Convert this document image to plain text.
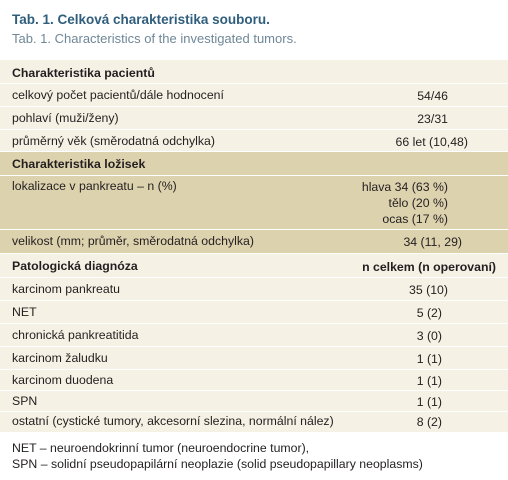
Tab. 1. Celková charakteristika souboru.
Tab. 1. Characteristics of the investigated tumors.
Charakteristika pacientů
celkový počet pacientů/dále hodnocení	54/46
pohlaví (muži/ženy)	23/31
průměrný věk (směrodatná odchylka)	66 let (10,48)
Charakteristika ložisek
lokalizace v pankreatu – n (%)	hlava 34 (63 %)
tělo (20 %)
ocas (17 %)
velikost (mm; průměr, směrodatná odchylka)	34 (11, 29)
Patologická diagnóza	n celkem (n operovaní)
karcinom pankreatu	35 (10)
NET	5 (2)
chronická pankreatitida	3 (0)
karcinom žaludku	1 (1)
karcinom duodena	1 (1)
SPN	1 (1)
ostatní (cystické tumory, akcesorní slezina, normální nález)	8 (2)
NET – neuroendokrinní tumor (neuroendocrine tumor),
SPN – solidní pseudopapilární neoplazie (solid pseudopapillary neoplasms)
